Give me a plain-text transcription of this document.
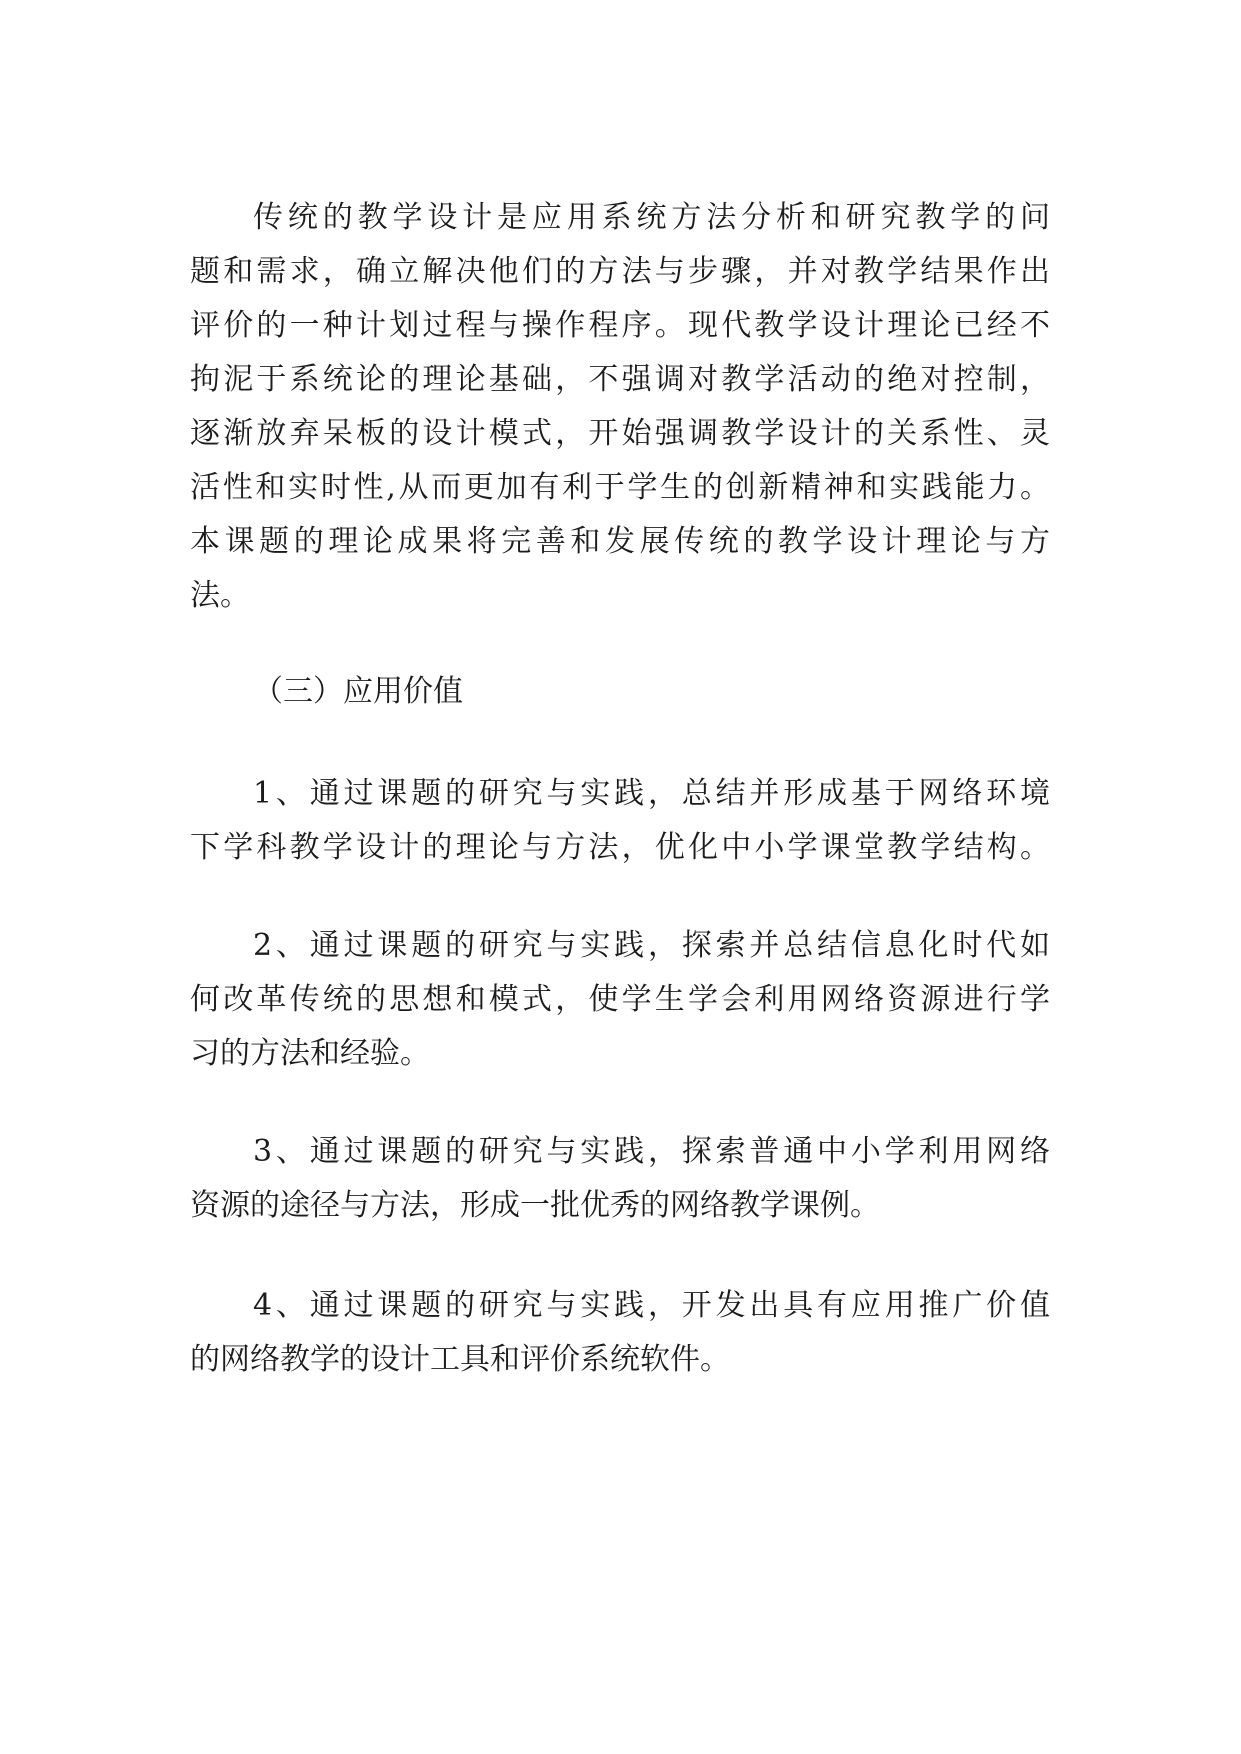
传统的教学设计是应用系统方法分析和研究教学的问
题和需求，确立解决他们的方法与步骤，并对教学结果作出
评价的一种计划过程与操作程序。现代教学设计理论已经不
拘泥于系统论的理论基础，不强调对教学活动的绝对控制，
逐渐放弃呆板的设计模式，开始强调教学设计的关系性、灵
活性和实时性,从而更加有利于学生的创新精神和实践能力。
本课题的理论成果将完善和发展传统的教学设计理论与方
法。
（三）应用价值
1、通过课题的研究与实践，总结并形成基于网络环境
下学科教学设计的理论与方法，优化中小学课堂教学结构。
2、通过课题的研究与实践，探索并总结信息化时代如
何改革传统的思想和模式，使学生学会利用网络资源进行学
习的方法和经验。
3、通过课题的研究与实践，探索普通中小学利用网络
资源的途径与方法，形成一批优秀的网络教学课例。
4、通过课题的研究与实践，开发出具有应用推广价值
的网络教学的设计工具和评价系统软件。
